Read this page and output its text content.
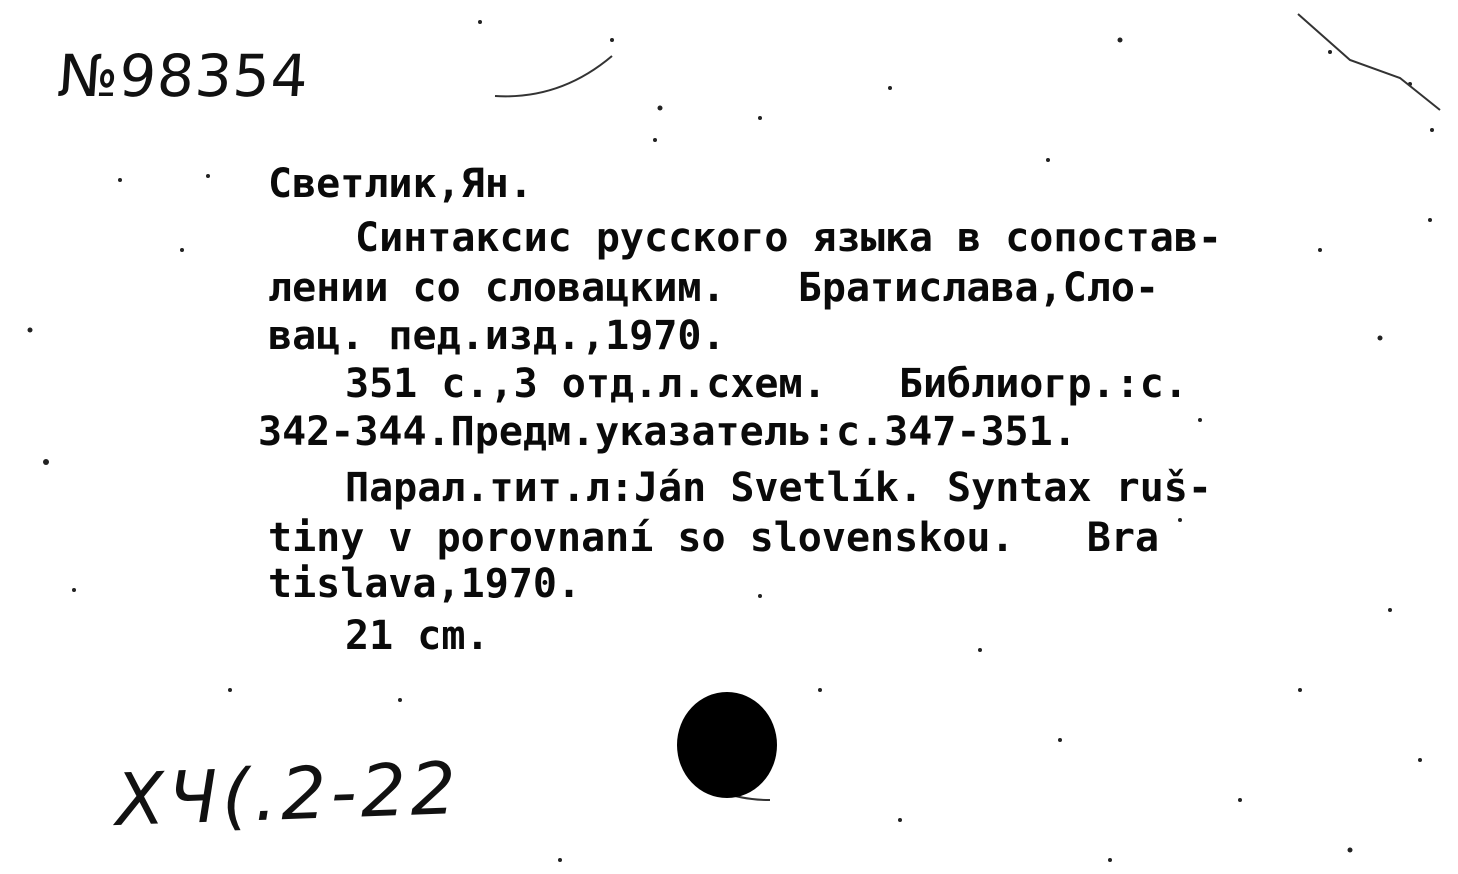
№98354

Светлик,Ян.

Синтаксис русского языка в сопостав-

лении со словацким.   Братислава,Сло-

вац. пед.изд.,1970.

351 с.,3 отд.л.схем.   Библиогр.:с.

342-344.Предм.указатель:с.347-351.

Парал.тит.л:Ján Svetlík. Syntax ruš-

tiny v porovnaní so slovenskou.   Bra

tislava,1970.

21 cm.

XЧ(.2-22
